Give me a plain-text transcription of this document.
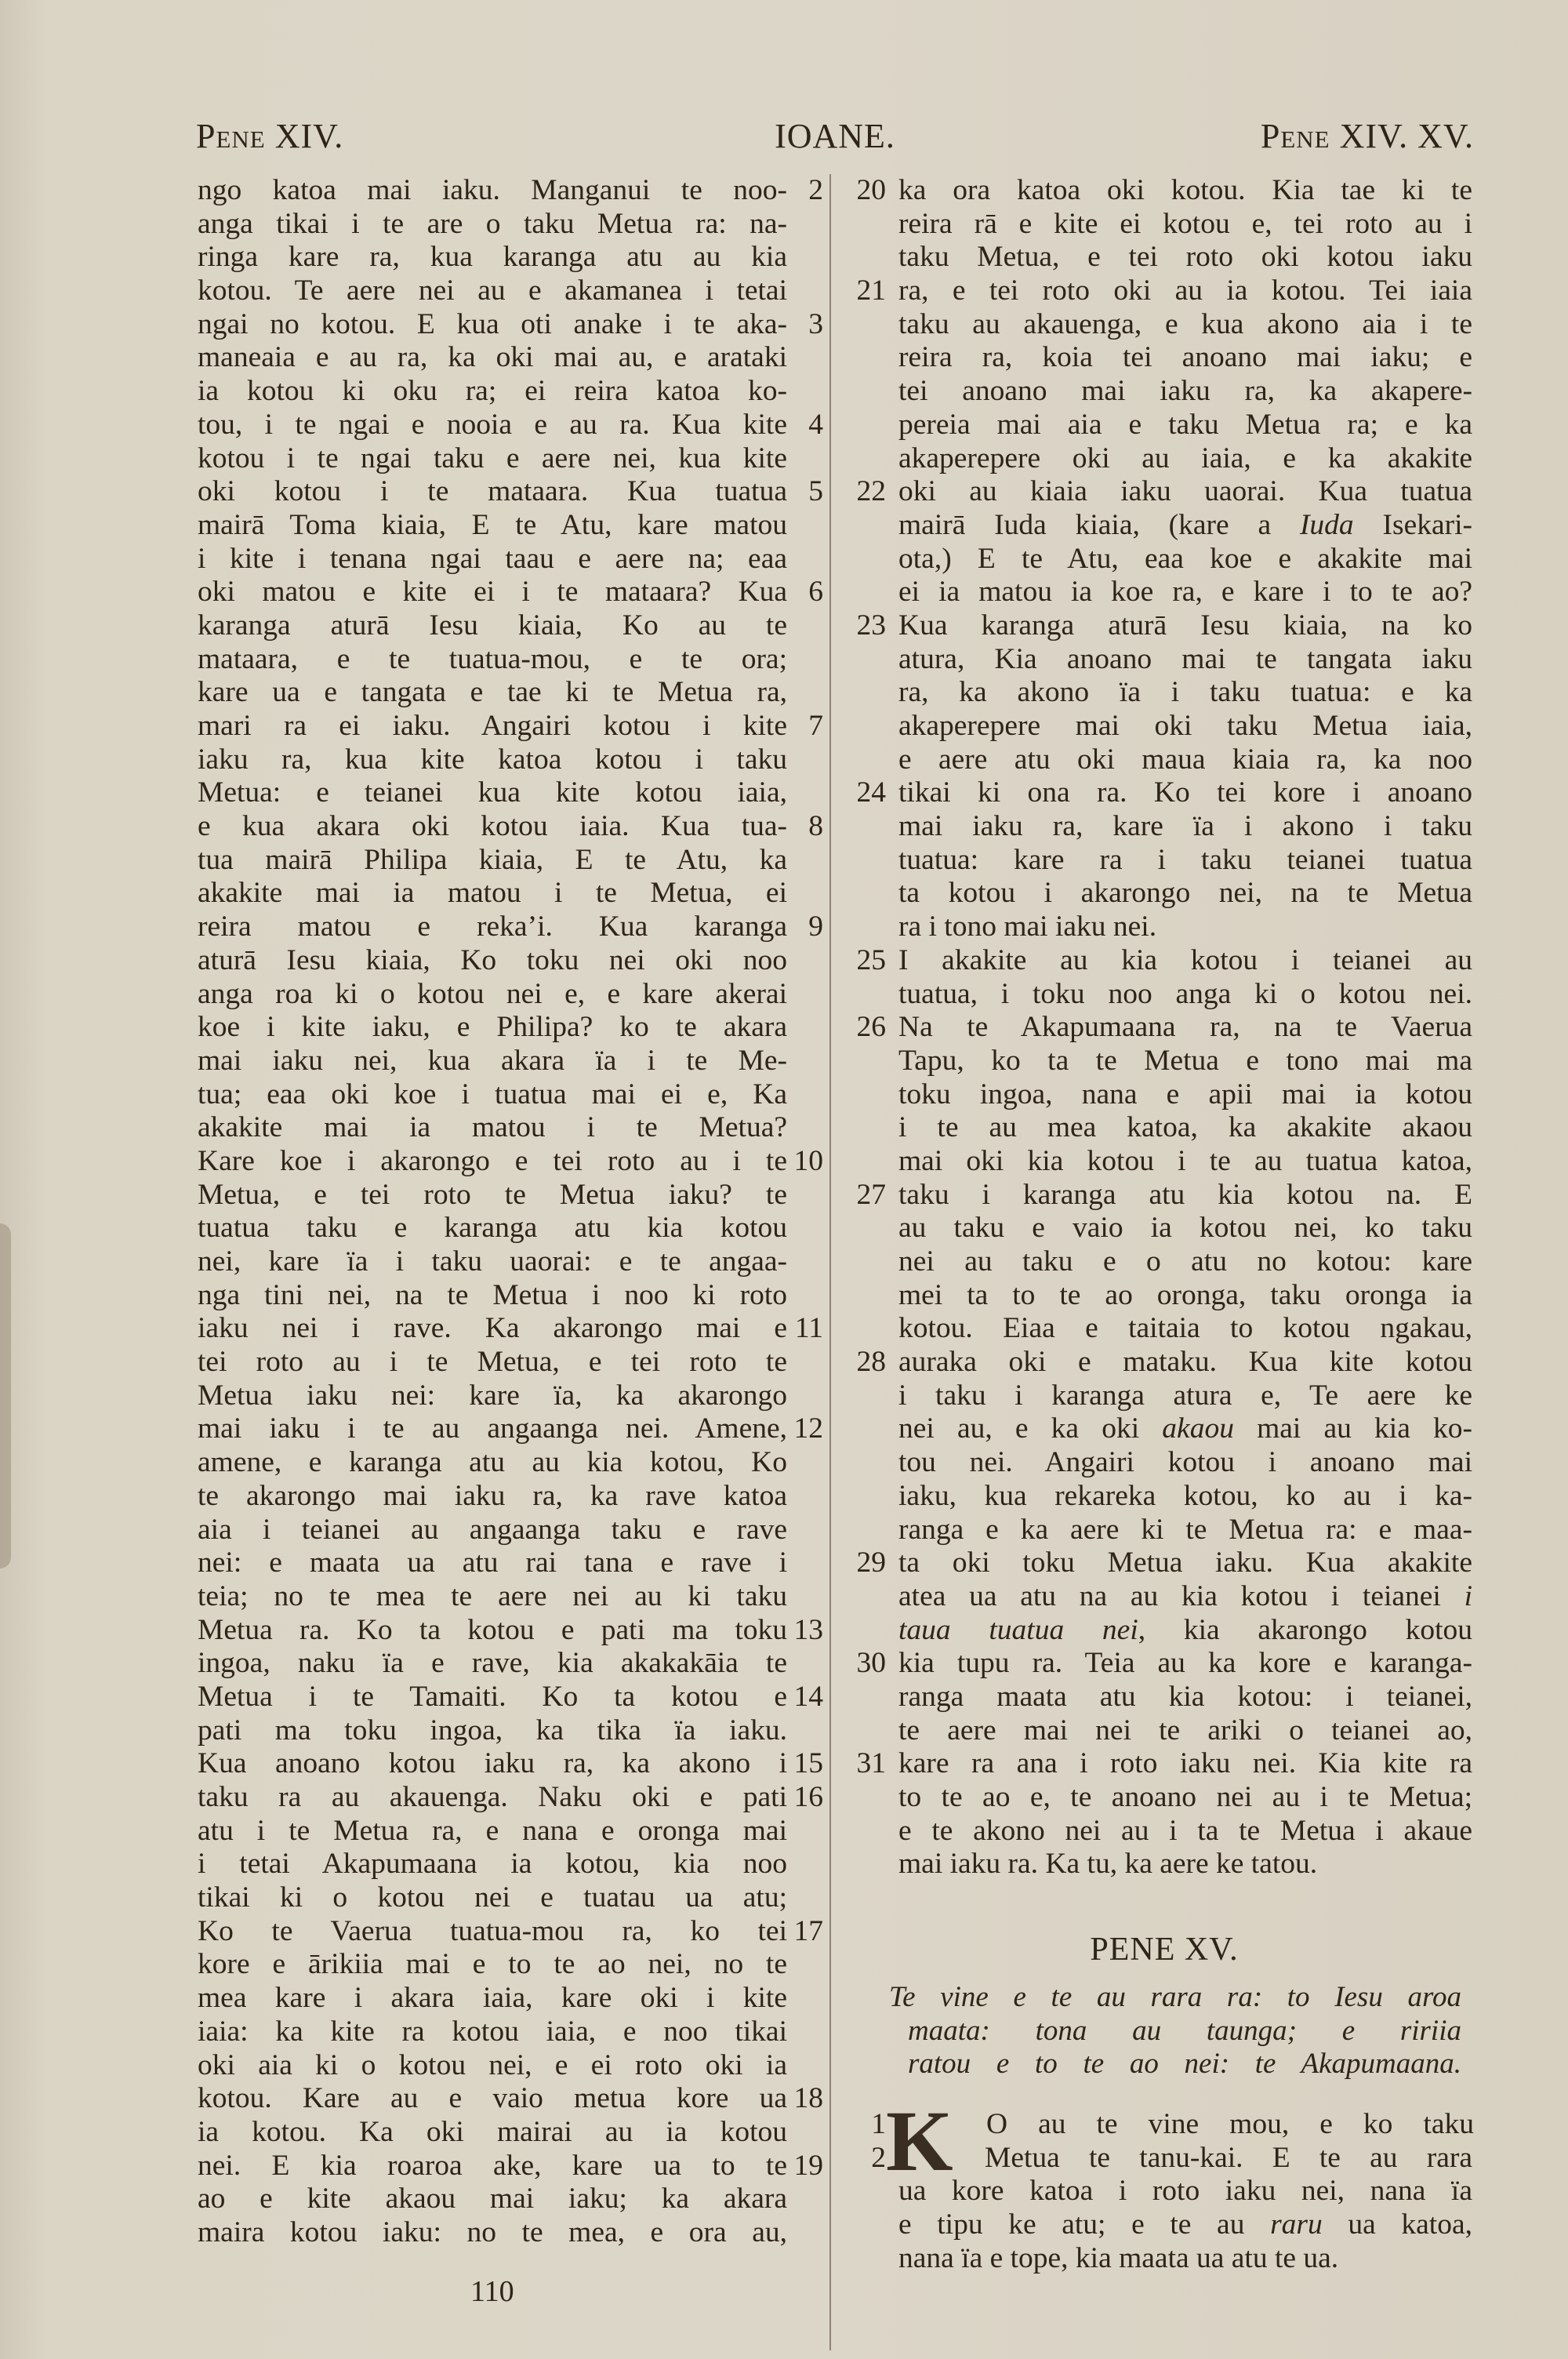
Pene XIV.	IOANE.	Pene XIV. XV.
2
ngo katoa mai iaku. Manganui te noo-
anga tikai i te are o taku Metua ra: na-
ringa kare ra, kua karanga atu au kia
kotou. Te aere nei au e akamanea i tetai
3
ngai no kotou. E kua oti anake i te aka-
maneaia e au ra, ka oki mai au, e arataki
ia kotou ki oku ra; ei reira katoa ko-
4
tou, i te ngai e nooia e au ra. Kua kite
kotou i te ngai taku e aere nei, kua kite
5
oki kotou i te mataara. Kua tuatua
mairā Toma kiaia, E te Atu, kare matou
i kite i tenana ngai taau e aere na; eaa
6
oki matou e kite ei i te mataara? Kua
karanga aturā Iesu kiaia, Ko au te
mataara, e te tuatua-mou, e te ora;
kare ua e tangata e tae ki te Metua ra,
7
mari ra ei iaku. Angairi kotou i kite
iaku ra, kua kite katoa kotou i taku
Metua: e teianei kua kite kotou iaia,
8
e kua akara oki kotou iaia. Kua tua-
tua mairā Philipa kiaia, E te Atu, ka
akakite mai ia matou i te Metua, ei
9
reira matou e reka’i. Kua karanga
aturā Iesu kiaia, Ko toku nei oki noo
anga roa ki o kotou nei e, e kare akerai
koe i kite iaku, e Philipa? ko te akara
mai iaku nei, kua akara ïa i te Me-
tua; eaa oki koe i tuatua mai ei e, Ka
akakite mai ia matou i te Metua?
10
Kare koe i akarongo e tei roto au i te
Metua, e tei roto te Metua iaku? te
tuatua taku e karanga atu kia kotou
nei, kare ïa i taku uaorai: e te angaa-
nga tini nei, na te Metua i noo ki roto
11
iaku nei i rave. Ka akarongo mai e
tei roto au i te Metua, e tei roto te
Metua iaku nei: kare ïa, ka akarongo
12
mai iaku i te au angaanga nei. Amene,
amene, e karanga atu au kia kotou, Ko
te akarongo mai iaku ra, ka rave katoa
aia i teianei au angaanga taku e rave
nei: e maata ua atu rai tana e rave i
teia; no te mea te aere nei au ki taku
13
Metua ra. Ko ta kotou e pati ma toku
ingoa, naku ïa e rave, kia akakakāia te
14
Metua i te Tamaiti. Ko ta kotou e
pati ma toku ingoa, ka tika ïa iaku.
15
Kua anoano kotou iaku ra, ka akono i
16
taku ra au akauenga. Naku oki e pati
atu i te Metua ra, e nana e oronga mai
i tetai Akapumaana ia kotou, kia noo
tikai ki o kotou nei e tuatau ua atu;
17
Ko te Vaerua tuatua-mou ra, ko tei
kore e ārikiia mai e to te ao nei, no te
mea kare i akara iaia, kare oki i kite
iaia: ka kite ra kotou iaia, e noo tikai
oki aia ki o kotou nei, e ei roto oki ia
18
kotou. Kare au e vaio metua kore ua
ia kotou. Ka oki mairai au ia kotou
19
nei. E kia roaroa ake, kare ua to te
ao e kite akaou mai iaku; ka akara
maira kotou iaku: no te mea, e ora au,
20 ka ora katoa oki kotou. Kia tae ki te
reira rā e kite ei kotou e, tei roto au i
taku Metua, e tei roto oki kotou iaku
21 ra, e tei roto oki au ia kotou. Tei iaia
taku au akauenga, e kua akono aia i te
reira ra, koia tei anoano mai iaku; e
tei anoano mai iaku ra, ka akapere-
pereia mai aia e taku Metua ra; e ka
akaperepere oki au iaia, e ka akakite
22 oki au kiaia iaku uaorai. Kua tuatua
mairā Iuda kiaia, (kare a Iuda Isekari-
ota,) E te Atu, eaa koe e akakite mai
ei ia matou ia koe ra, e kare i to te ao?
23 Kua karanga aturā Iesu kiaia, na ko
atura, Kia anoano mai te tangata iaku
ra, ka akono ïa i taku tuatua: e ka
akaperepere mai oki taku Metua iaia,
e aere atu oki maua kiaia ra, ka noo
24 tikai ki ona ra. Ko tei kore i anoano
mai iaku ra, kare ïa i akono i taku
tuatua: kare ra i taku teianei tuatua
ta kotou i akarongo nei, na te Metua
ra i tono mai iaku nei.
25 I akakite au kia kotou i teianei au
tuatua, i toku noo anga ki o kotou nei.
26 Na te Akapumaana ra, na te Vaerua
Tapu, ko ta te Metua e tono mai ma
toku ingoa, nana e apii mai ia kotou
i te au mea katoa, ka akakite akaou
mai oki kia kotou i te au tuatua katoa,
27 taku i karanga atu kia kotou na. E
au taku e vaio ia kotou nei, ko taku
nei au taku e o atu no kotou: kare
mei ta to te ao oronga, taku oronga ia
kotou. Eiaa e taitaia to kotou ngakau,
28 auraka oki e mataku. Kua kite kotou
i taku i karanga atura e, Te aere ke
nei au, e ka oki akaou mai au kia ko-
tou nei. Angairi kotou i anoano mai
iaku, kua rekareka kotou, ko au i ka-
ranga e ka aere ki te Metua ra: e maa-
29 ta oki toku Metua iaku. Kua akakite
atea ua atu na au kia kotou i teianei i
taua tuatua nei, kia akarongo kotou
30 kia tupu ra. Teia au ka kore e karanga-
ranga maata atu kia kotou: i teianei,
te aere mai nei te ariki o teianei ao,
31 kare ra ana i roto iaku nei. Kia kite ra
to te ao e, te anoano nei au i te Metua;
e te akono nei au i ta te Metua i akaue
mai iaku ra. Ka tu, ka aere ke tatou.
PENE XV.
Te vine e te au rara ra: to Iesu aroa
maata: tona au taunga; e ririia
ratou e to te ao nei: te Akapumaana.
K
1	O au te vine mou, e ko taku
2	Metua te tanu-kai. E te au rara
ua kore katoa i roto iaku nei, nana ïa
e tipu ke atu; e te au raru ua katoa,
nana ïa e tope, kia maata ua atu te ua.
110
